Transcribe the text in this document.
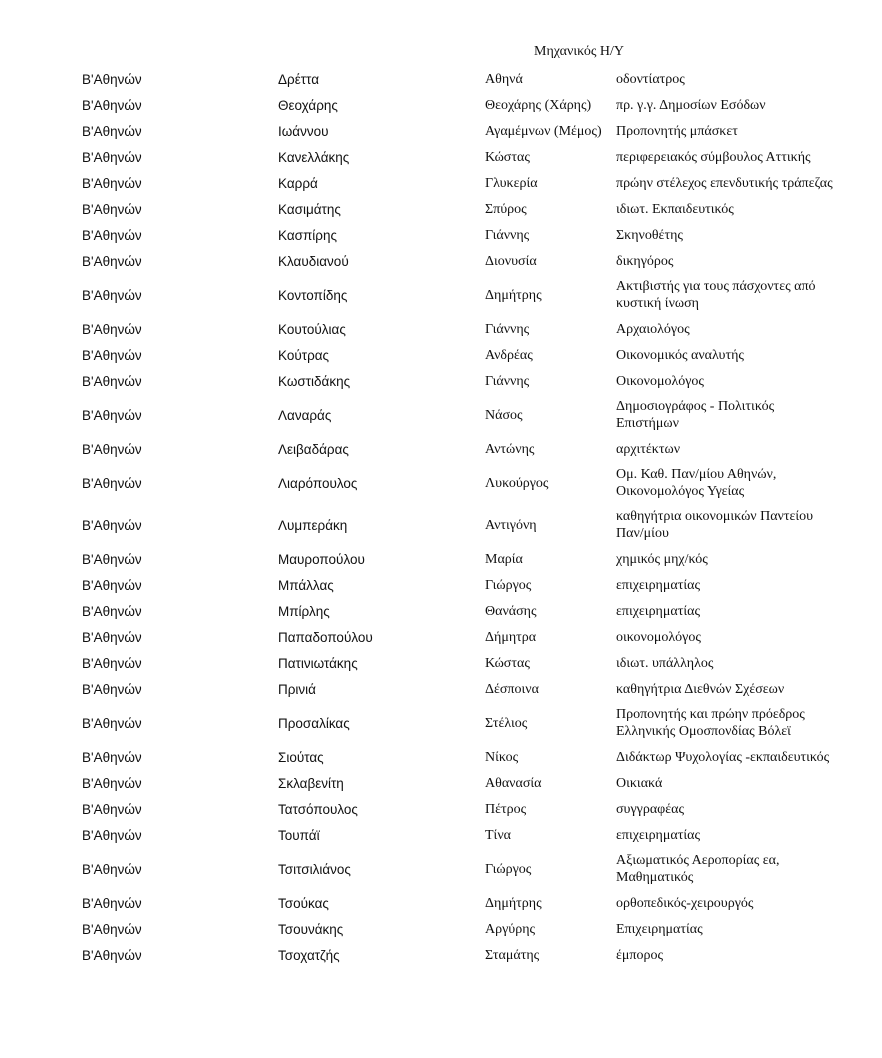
Μηχανικός Η/Υ
Β'Αθηνών	Δρέττα	Αθηνά	οδοντίατρος

Β'Αθηνών	Θεοχάρης	Θεοχάρης (Χάρης)	πρ. γ.γ. Δημοσίων Εσόδων

Β'Αθηνών	Ιωάννου	Αγαμέμνων (Μέμος)	Προπονητής μπάσκετ

Β'Αθηνών	Κανελλάκης	Κώστας	περιφερειακός σύμβουλος Αττικής

Β'Αθηνών	Καρρά	Γλυκερία	πρώην στέλεχος επενδυτικής τράπεζας

Β'Αθηνών	Κασιμάτης	Σπύρος	ιδιωτ. Εκπαιδευτικός

Β'Αθηνών	Κασπίρης	Γιάννης	Σκηνοθέτης

Β'Αθηνών	Κλαυδιανού	Διονυσία	δικηγόρος

Β'Αθηνών	Κοντοπίδης	Δημήτρης	Ακτιβιστής για τους πάσχοντες από
κυστική ίνωση

Β'Αθηνών	Κουτούλιας	Γιάννης	Αρχαιολόγος

Β'Αθηνών	Κούτρας	Ανδρέας	Οικονομικός αναλυτής

Β'Αθηνών	Κωστιδάκης	Γιάννης	Οικονομολόγος

Β'Αθηνών	Λαναράς	Νάσος	Δημοσιογράφος - Πολιτικός
Επιστήμων

Β'Αθηνών	Λειβαδάρας	Αντώνης	αρχιτέκτων

Β'Αθηνών	Λιαρόπουλος	Λυκούργος	Ομ. Καθ. Παν/μίου Αθηνών,
Οικονομολόγος Υγείας

Β'Αθηνών	Λυμπεράκη	Αντιγόνη	καθηγήτρια οικονομικών Παντείου
Παν/μίου

Β'Αθηνών	Μαυροπούλου	Μαρία	χημικός μηχ/κός

Β'Αθηνών	Μπάλλας	Γιώργος	επιχειρηματίας

Β'Αθηνών	Μπίρλης	Θανάσης	επιχειρηματίας

Β'Αθηνών	Παπαδοπούλου	Δήμητρα	οικονομολόγος

Β'Αθηνών	Πατινιωτάκης	Κώστας	ιδιωτ. υπάλληλος

Β'Αθηνών	Πρινιά	Δέσποινα	καθηγήτρια Διεθνών Σχέσεων

Β'Αθηνών	Προσαλίκας	Στέλιος	Προπονητής και πρώην πρόεδρος
Ελληνικής Ομοσπονδίας Βόλεϊ

Β'Αθηνών	Σιούτας	Νίκος	Διδάκτωρ Ψυχολογίας -εκπαιδευτικός

Β'Αθηνών	Σκλαβενίτη	Αθανασία	Οικιακά

Β'Αθηνών	Τατσόπουλος	Πέτρος	συγγραφέας

Β'Αθηνών	Τουπάϊ	Τίνα	επιχειρηματίας

Β'Αθηνών	Τσιτσιλιάνος	Γιώργος	Αξιωματικός Αεροπορίας εα,
Μαθηματικός

Β'Αθηνών	Τσούκας	Δημήτρης	ορθοπεδικός-χειρουργός

Β'Αθηνών	Τσουνάκης	Αργύρης	Επιχειρηματίας

Β'Αθηνών	Τσοχατζής	Σταμάτης	έμπορος
